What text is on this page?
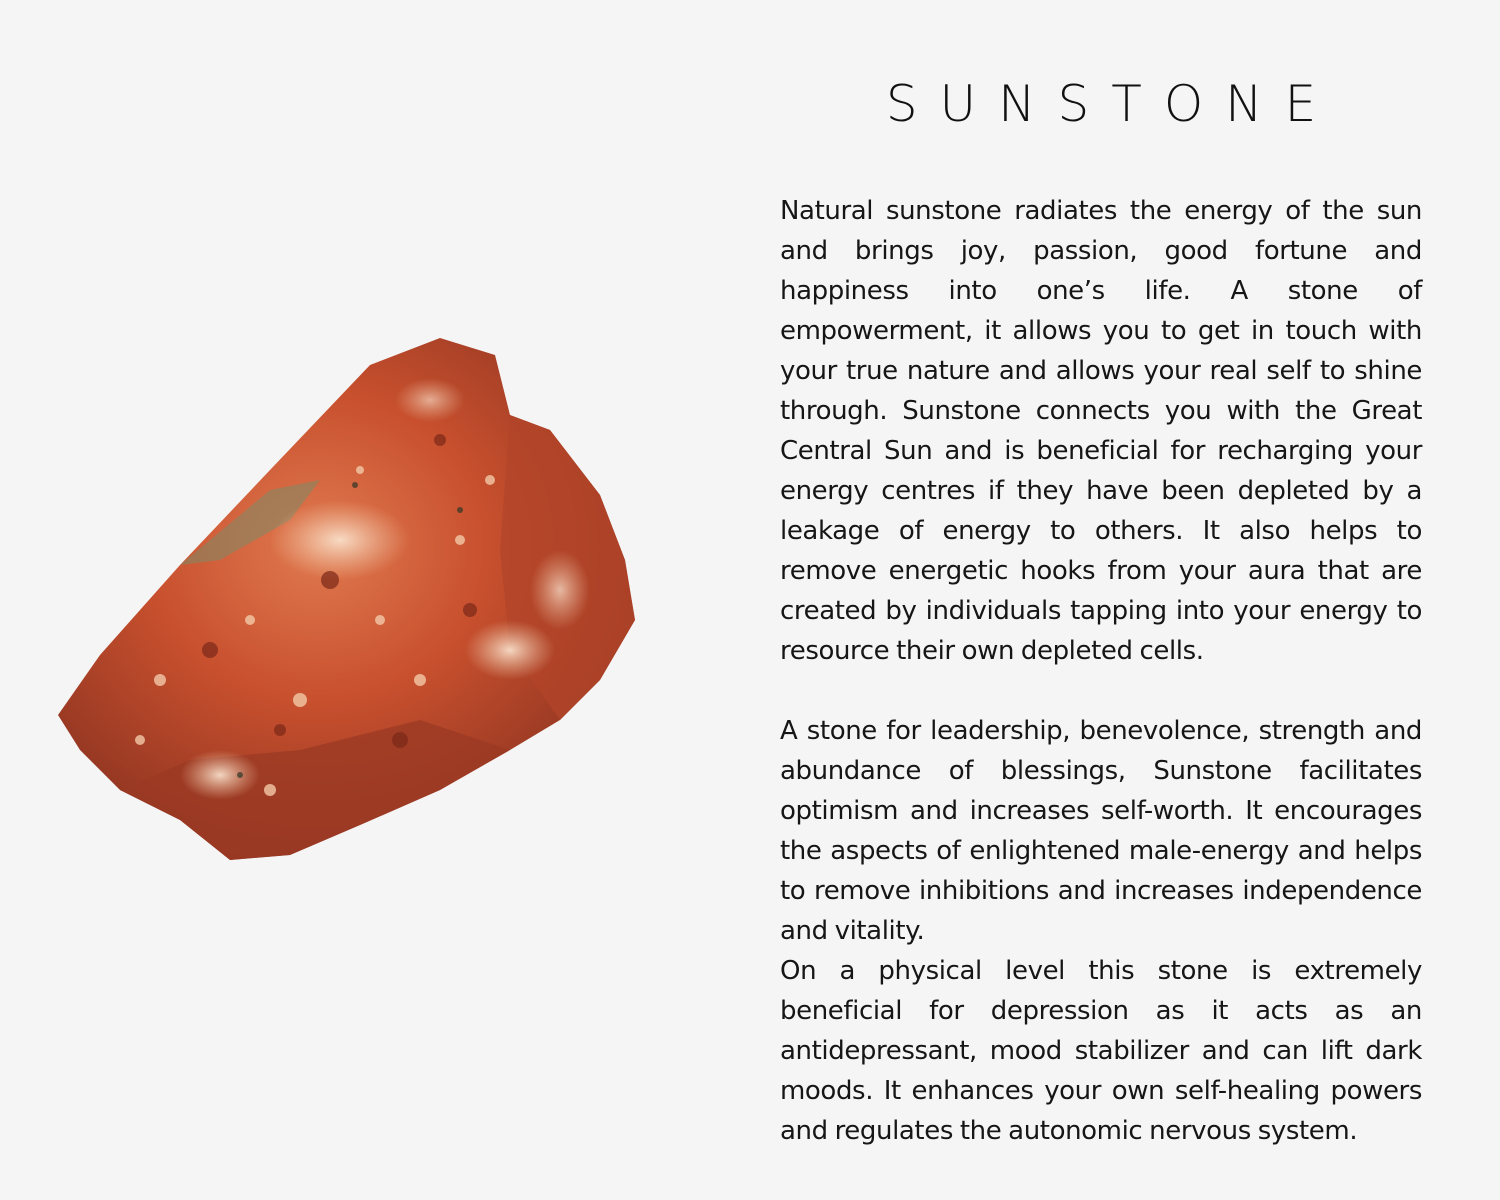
SUNSTONE

Natural sunstone radiates the energy of the sun and brings joy, passion, good fortune and happiness into one’s life. A stone of empowerment, it allows you to get in touch with your true nature and allows your real self to shine through. Sunstone connects you with the Great Central Sun and is beneficial for recharging your energy centres if they have been depleted by a leakage of energy to others. It also helps to remove energetic hooks from your aura that are created by individuals tapping into your energy to resource their own depleted cells.

A stone for leadership, benevolence, strength and abundance of blessings, Sunstone facilitates optimism and increases self-worth. It encourages the aspects of enlightened male-energy and helps to remove inhibitions and increases independence and vitality.

On a physical level this stone is extremely beneficial for depression as it acts as an antidepressant, mood stabilizer and can lift dark moods. It enhances your own self-healing powers and regulates the autonomic nervous system.
